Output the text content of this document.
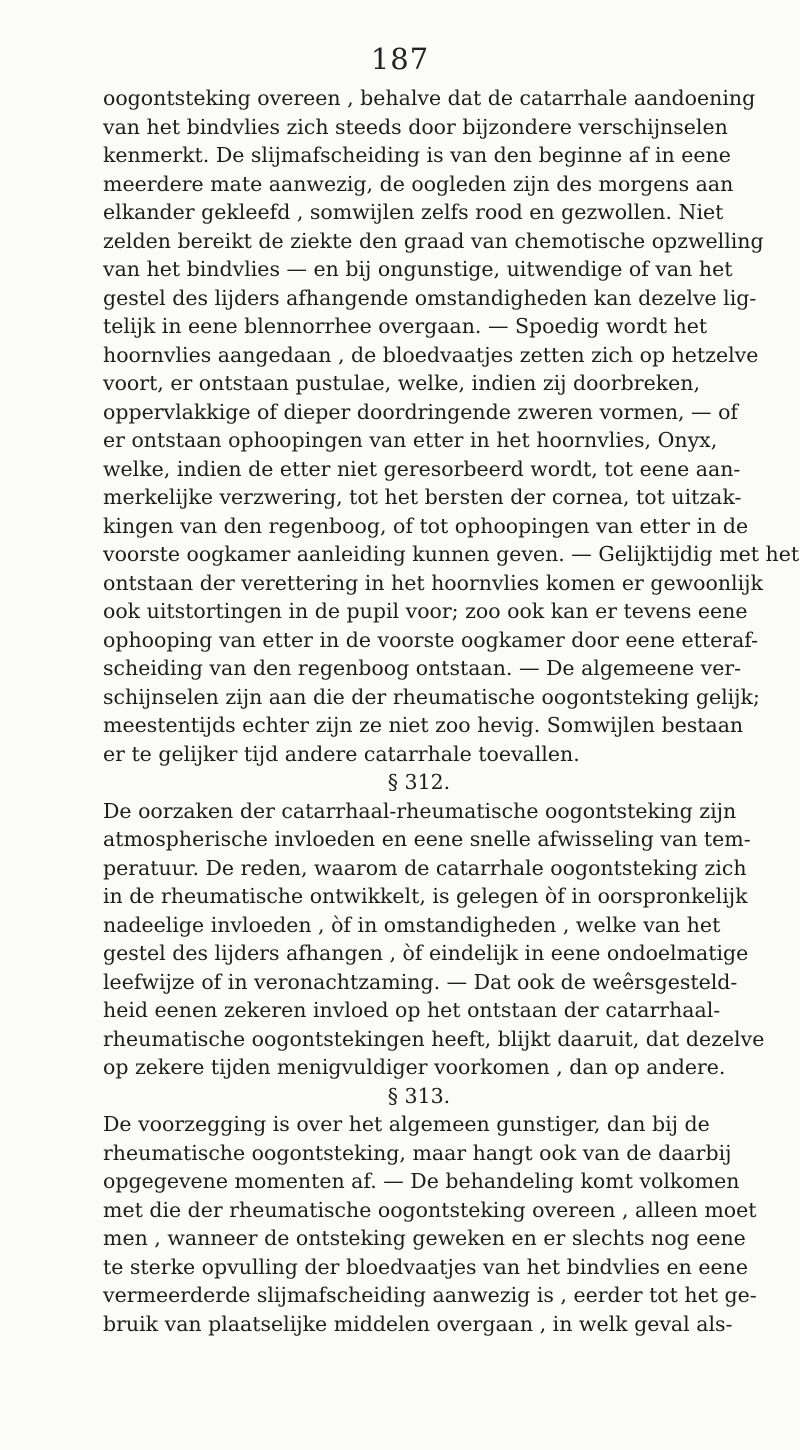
187
oogontsteking overeen , behalve dat de catarrhale aandoening
van het bindvlies zich steeds door bijzondere verschijnselen
kenmerkt. De slijmafscheiding is van den beginne af in eene
meerdere mate aanwezig, de oogleden zijn des morgens aan
elkander gekleefd , somwijlen zelfs rood en gezwollen. Niet
zelden bereikt de ziekte den graad van chemotische opzwelling
van het bindvlies — en bij ongunstige, uitwendige of van het
gestel des lijders afhangende omstandigheden kan dezelve lig-
telijk in eene blennorrhee overgaan. — Spoedig wordt het
hoornvlies aangedaan , de bloedvaatjes zetten zich op hetzelve
voort, er ontstaan pustulae, welke, indien zij doorbreken,
oppervlakkige of dieper doordringende zweren vormen, — of
er ontstaan ophoopingen van etter in het hoornvlies, Onyx,
welke, indien de etter niet geresorbeerd wordt, tot eene aan-
merkelijke verzwering, tot het bersten der cornea, tot uitzak-
kingen van den regenboog, of tot ophoopingen van etter in de
voorste oogkamer aanleiding kunnen geven. — Gelijktijdig met het
ontstaan der verettering in het hoornvlies komen er gewoonlijk
ook uitstortingen in de pupil voor; zoo ook kan er tevens eene
ophooping van etter in de voorste oogkamer door eene etteraf-
scheiding van den regenboog ontstaan. — De algemeene ver-
schijnselen zijn aan die der rheumatische oogontsteking gelijk;
meestentijds echter zijn ze niet zoo hevig. Somwijlen bestaan
er te gelijker tijd andere catarrhale toevallen.
§ 312.
De oorzaken der catarrhaal-rheumatische oogontsteking zijn
atmospherische invloeden en eene snelle afwisseling van tem-
peratuur. De reden, waarom de catarrhale oogontsteking zich
in de rheumatische ontwikkelt, is gelegen òf in oorspronkelijk
nadeelige invloeden , òf in omstandigheden , welke van het
gestel des lijders afhangen , òf eindelijk in eene ondoelmatige
leefwijze of in veronachtzaming. — Dat ook de weêrsgesteld-
heid eenen zekeren invloed op het ontstaan der catarrhaal-
rheumatische oogontstekingen heeft, blijkt daaruit, dat dezelve
op zekere tijden menigvuldiger voorkomen , dan op andere.
§ 313.
De voorzegging is over het algemeen gunstiger, dan bij de
rheumatische oogontsteking, maar hangt ook van de daarbij
opgegevene momenten af. — De behandeling komt volkomen
met die der rheumatische oogontsteking overeen , alleen moet
men , wanneer de ontsteking geweken en er slechts nog eene
te sterke opvulling der bloedvaatjes van het bindvlies en eene
vermeerderde slijmafscheiding aanwezig is , eerder tot het ge-
bruik van plaatselijke middelen overgaan , in welk geval als-
